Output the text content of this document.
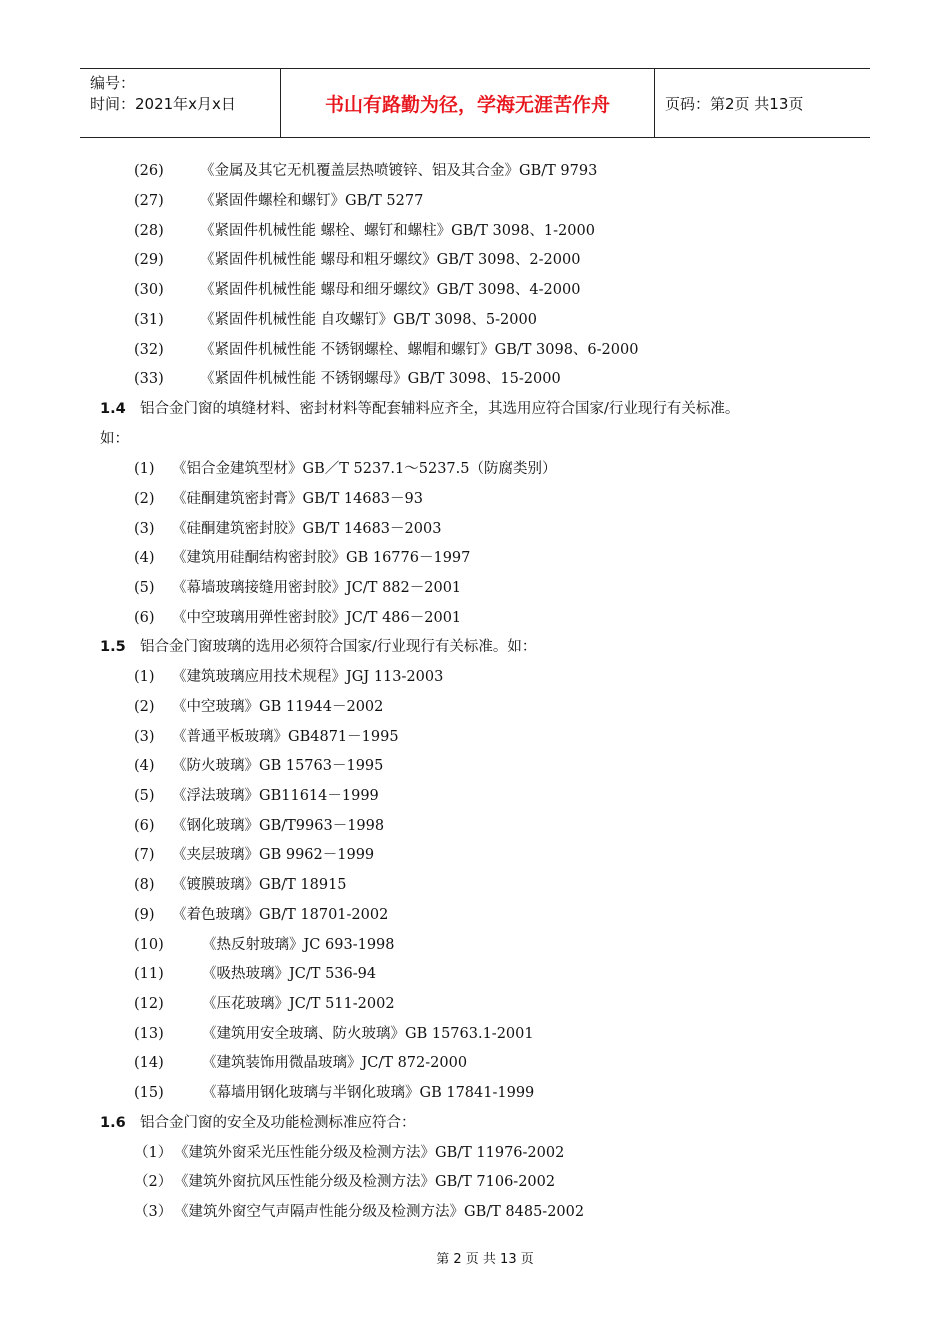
编号：
时间：2021年x月x日	书山有路勤为径，学海无涯苦作舟	页码：第2页 共13页
(26) 《金属及其它无机覆盖层热喷镀锌、铝及其合金》GB/T 9793
(27) 《紧固件螺栓和螺钉》GB/T 5277
(28) 《紧固件机械性能 螺栓、螺钉和螺柱》GB/T 3098、1-2000
(29) 《紧固件机械性能 螺母和粗牙螺纹》GB/T 3098、2-2000
(30) 《紧固件机械性能 螺母和细牙螺纹》GB/T 3098、4-2000
(31) 《紧固件机械性能 自攻螺钉》GB/T 3098、5-2000
(32) 《紧固件机械性能 不锈钢螺栓、螺帽和螺钉》GB/T 3098、6-2000
(33) 《紧固件机械性能 不锈钢螺母》GB/T 3098、15-2000
1.4 铝合金门窗的填缝材料、密封材料等配套辅料应齐全，其选用应符合国家/行业现行有关标准。
如：
(1) 《铝合金建筑型材》GB／T 5237.1～5237.5（防腐类别）
(2) 《硅酮建筑密封膏》GB/T 14683－93
(3) 《硅酮建筑密封胶》GB/T 14683－2003
(4) 《建筑用硅酮结构密封胶》GB 16776－1997
(5) 《幕墙玻璃接缝用密封胶》JC/T 882－2001
(6) 《中空玻璃用弹性密封胶》JC/T 486－2001
1.5 铝合金门窗玻璃的选用必须符合国家/行业现行有关标准。如：
(1) 《建筑玻璃应用技术规程》JGJ 113-2003
(2) 《中空玻璃》GB 11944－2002
(3) 《普通平板玻璃》GB4871－1995
(4) 《防火玻璃》GB 15763－1995
(5) 《浮法玻璃》GB11614－1999
(6) 《钢化玻璃》GB/T9963－1998
(7) 《夹层玻璃》GB 9962－1999
(8) 《镀膜玻璃》GB/T 18915
(9) 《着色玻璃》GB/T 18701-2002
(10)	《热反射玻璃》JC 693-1998
(11)	《吸热玻璃》JC/T 536-94
(12)	《压花玻璃》JC/T 511-2002
(13)	《建筑用安全玻璃、防火玻璃》GB 15763.1-2001
(14)	《建筑装饰用微晶玻璃》JC/T 872-2000
(15)	《幕墙用钢化玻璃与半钢化玻璃》GB 17841-1999
1.6 铝合金门窗的安全及功能检测标准应符合：
（1） 《建筑外窗采光压性能分级及检测方法》GB/T 11976-2002
（2） 《建筑外窗抗风压性能分级及检测方法》GB/T 7106-2002
（3） 《建筑外窗空气声隔声性能分级及检测方法》GB/T 8485-2002
第 2 页 共 13 页
